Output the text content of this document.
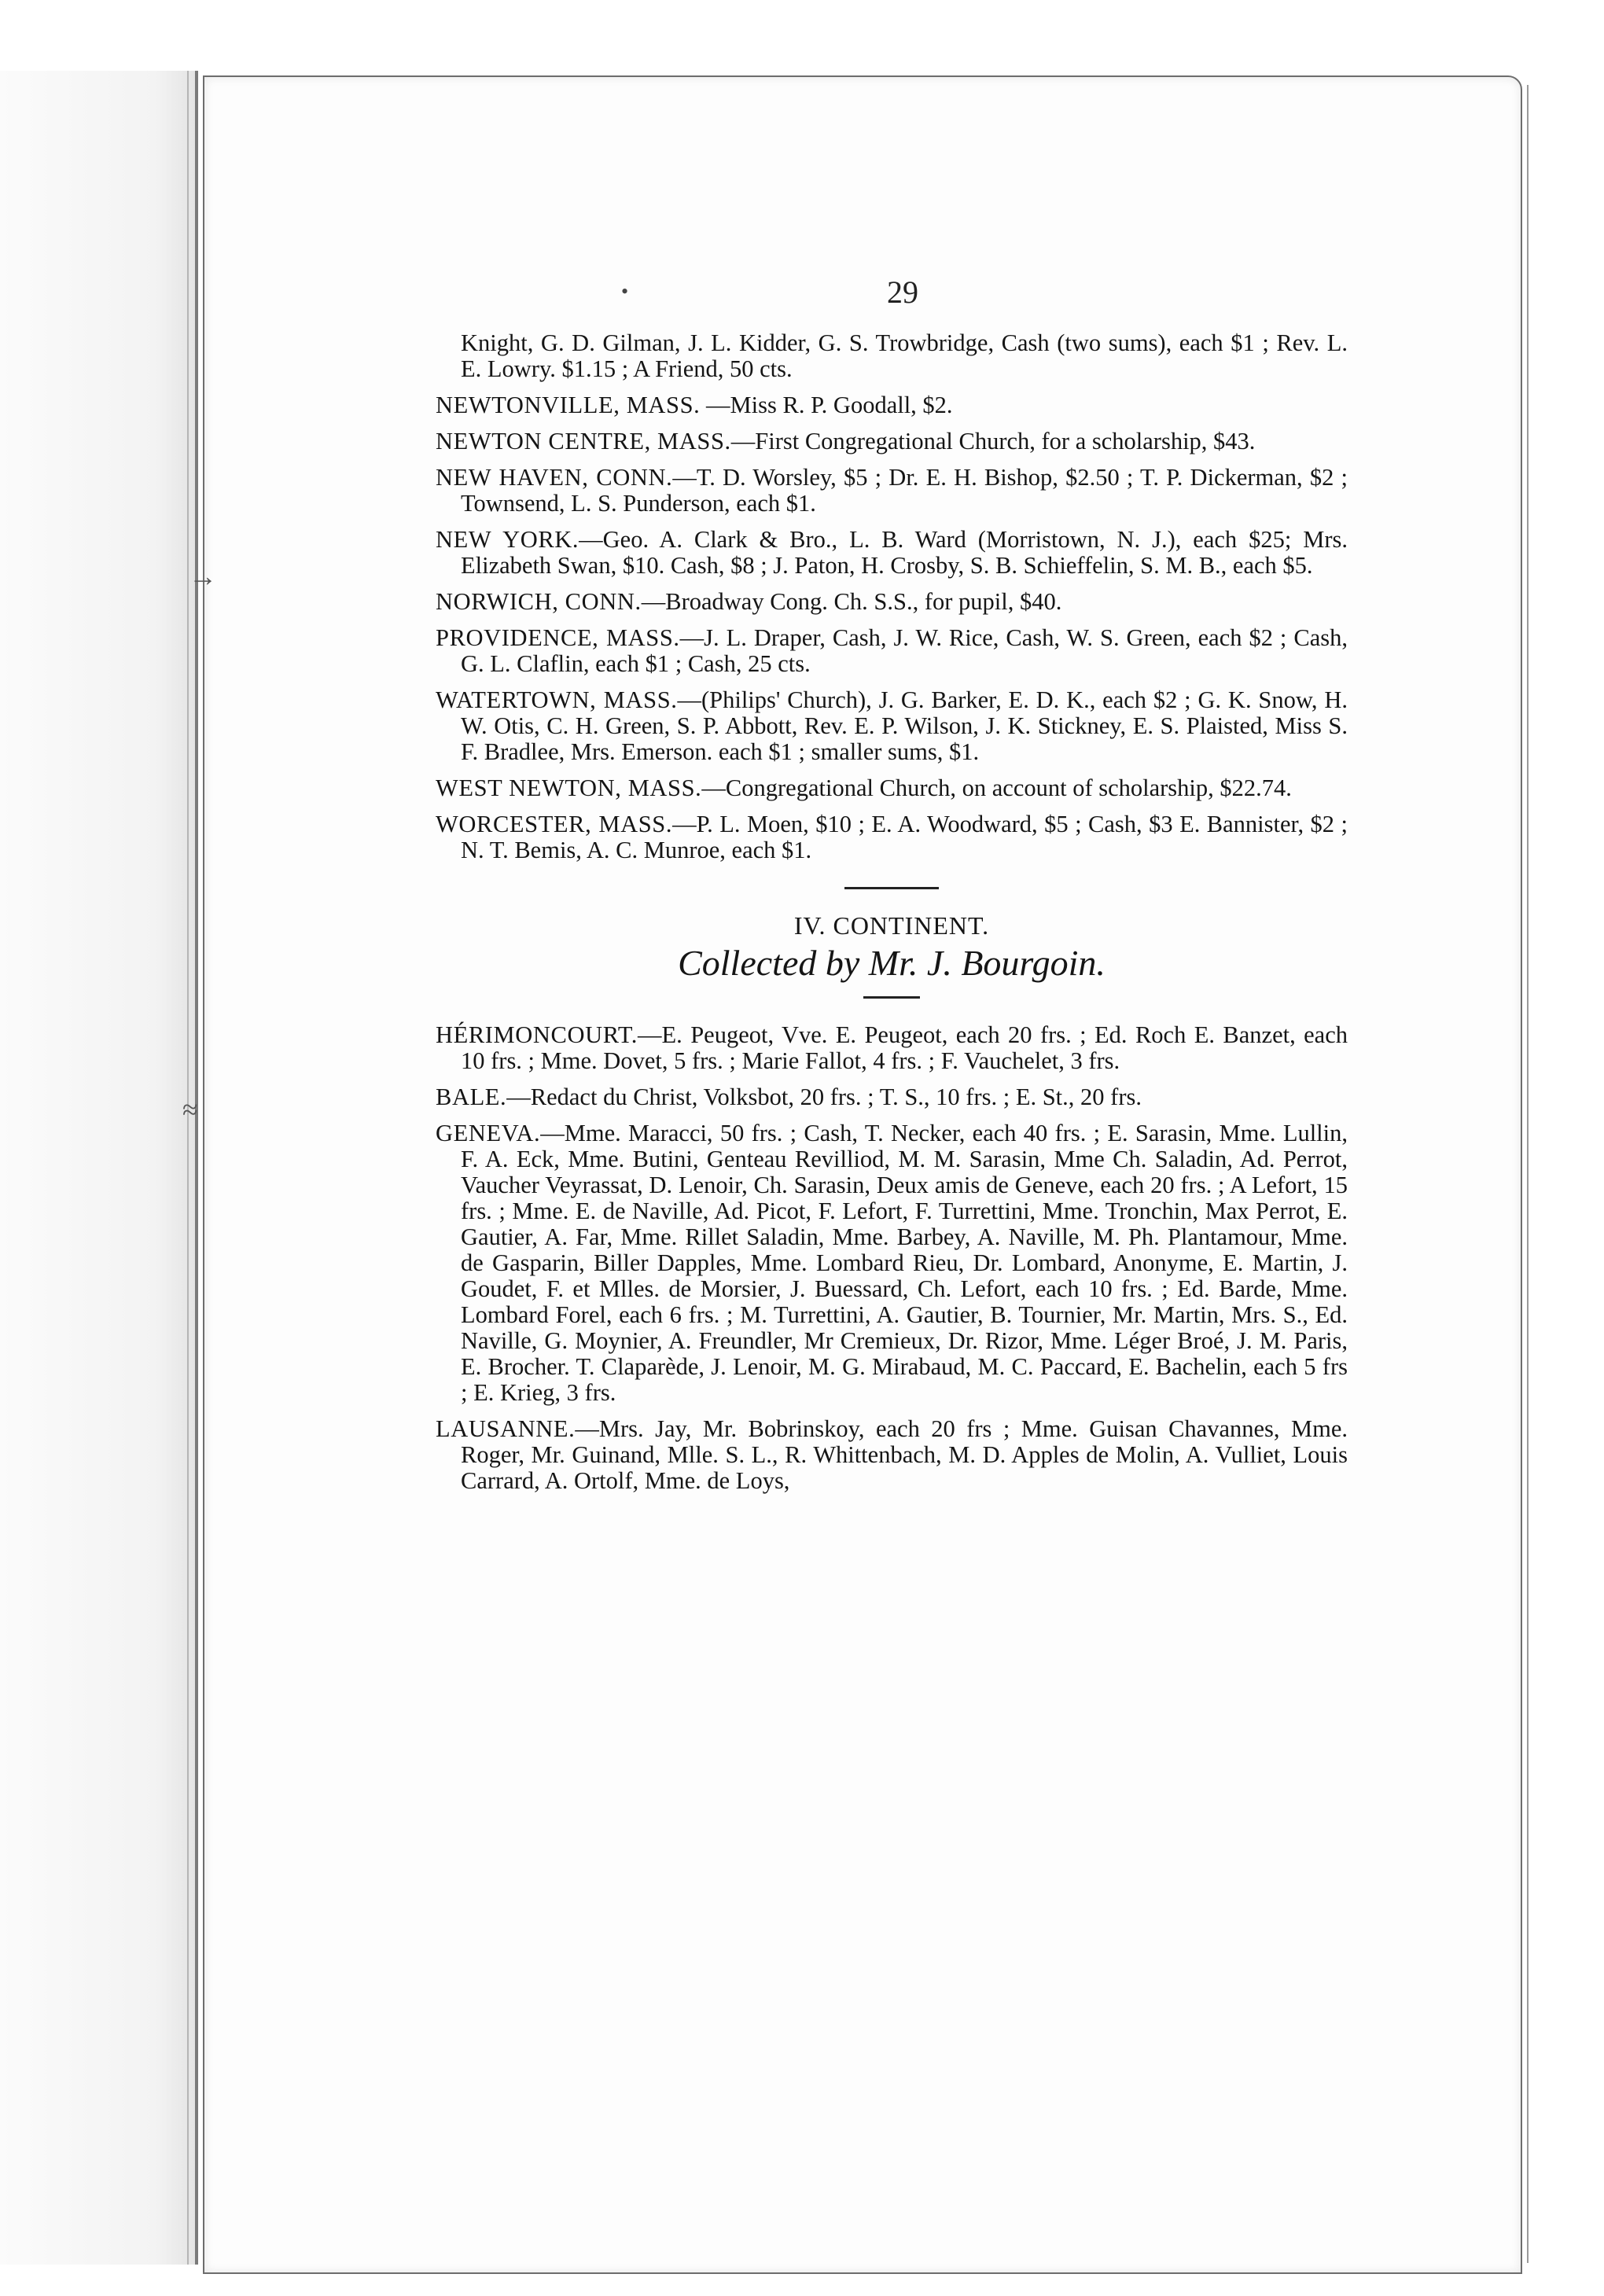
→
≈
•	29

Knight, G. D. Gilman, J. L. Kidder, G. S. Trowbridge, Cash (two sums), each $1 ; Rev. L. E. Lowry. $1.15 ; A Friend, 50 cts.

NEWTONVILLE, MASS. —Miss R. P. Goodall, $2.

NEWTON CENTRE, MASS.—First Congregational Church, for a scholarship, $43.

NEW HAVEN, CONN.—T. D. Worsley, $5 ; Dr. E. H. Bishop, $2.50 ; T. P. Dickerman, $2 ; Townsend, L. S. Punderson, each $1.

NEW YORK.—Geo. A. Clark & Bro., L. B. Ward (Morristown, N. J.), each $25; Mrs. Elizabeth Swan, $10. Cash, $8 ; J. Paton, H. Crosby, S. B. Schieffelin, S. M. B., each $5.

NORWICH, CONN.—Broadway Cong. Ch. S.S., for pupil, $40.

PROVIDENCE, MASS.—J. L. Draper, Cash, J. W. Rice, Cash, W. S. Green, each $2 ; Cash, G. L. Claflin, each $1 ; Cash, 25 cts.

WATERTOWN, MASS.—(Philips' Church), J. G. Barker, E. D. K., each $2 ; G. K. Snow, H. W. Otis, C. H. Green, S. P. Abbott, Rev. E. P. Wilson, J. K. Stickney, E. S. Plaisted, Miss S. F. Bradlee, Mrs. Emerson. each $1 ; smaller sums, $1.

WEST NEWTON, MASS.—Congregational Church, on account of scholarship, $22.74.

WORCESTER, MASS.—P. L. Moen, $10 ; E. A. Woodward, $5 ; Cash, $3 E. Bannister, $2 ; N. T. Bemis, A. C. Munroe, each $1.

IV. CONTINENT.
Collected by Mr. J. Bourgoin.

HÉRIMONCOURT.—E. Peugeot, Vve. E. Peugeot, each 20 frs. ; Ed. Roch E. Banzet, each 10 frs. ; Mme. Dovet, 5 frs. ; Marie Fallot, 4 frs. ; F. Vauchelet, 3 frs.

BALE.—Redact du Christ, Volksbot, 20 frs. ; T. S., 10 frs. ; E. St., 20 frs.

GENEVA.—Mme. Maracci, 50 frs. ; Cash, T. Necker, each 40 frs. ; E. Sarasin, Mme. Lullin, F. A. Eck, Mme. Butini, Genteau Revilliod, M. M. Sarasin, Mme Ch. Saladin, Ad. Perrot, Vaucher Veyrassat, D. Lenoir, Ch. Sarasin, Deux amis de Geneve, each 20 frs. ; A Lefort, 15 frs. ; Mme. E. de Naville, Ad. Picot, F. Lefort, F. Turrettini, Mme. Tronchin, Max Perrot, E. Gautier, A. Far, Mme. Rillet Saladin, Mme. Barbey, A. Naville, M. Ph. Plantamour, Mme. de Gasparin, Biller Dapples, Mme. Lombard Rieu, Dr. Lombard, Anonyme, E. Martin, J. Goudet, F. et Mlles. de Morsier, J. Buessard, Ch. Lefort, each 10 frs. ; Ed. Barde, Mme. Lombard Forel, each 6 frs. ; M. Turrettini, A. Gautier, B. Tournier, Mr. Martin, Mrs. S., Ed. Naville, G. Moynier, A. Freundler, Mr Cremieux, Dr. Rizor, Mme. Léger Broé, J. M. Paris, E. Brocher. T. Claparède, J. Lenoir, M. G. Mirabaud, M. C. Paccard, E. Bachelin, each 5 frs ; E. Krieg, 3 frs.

LAUSANNE.—Mrs. Jay, Mr. Bobrinskoy, each 20 frs ; Mme. Guisan Chavannes, Mme. Roger, Mr. Guinand, Mlle. S. L., R. Whittenbach, M. D. Apples de Molin, A. Vulliet, Louis Carrard, A. Ortolf, Mme. de Loys,
